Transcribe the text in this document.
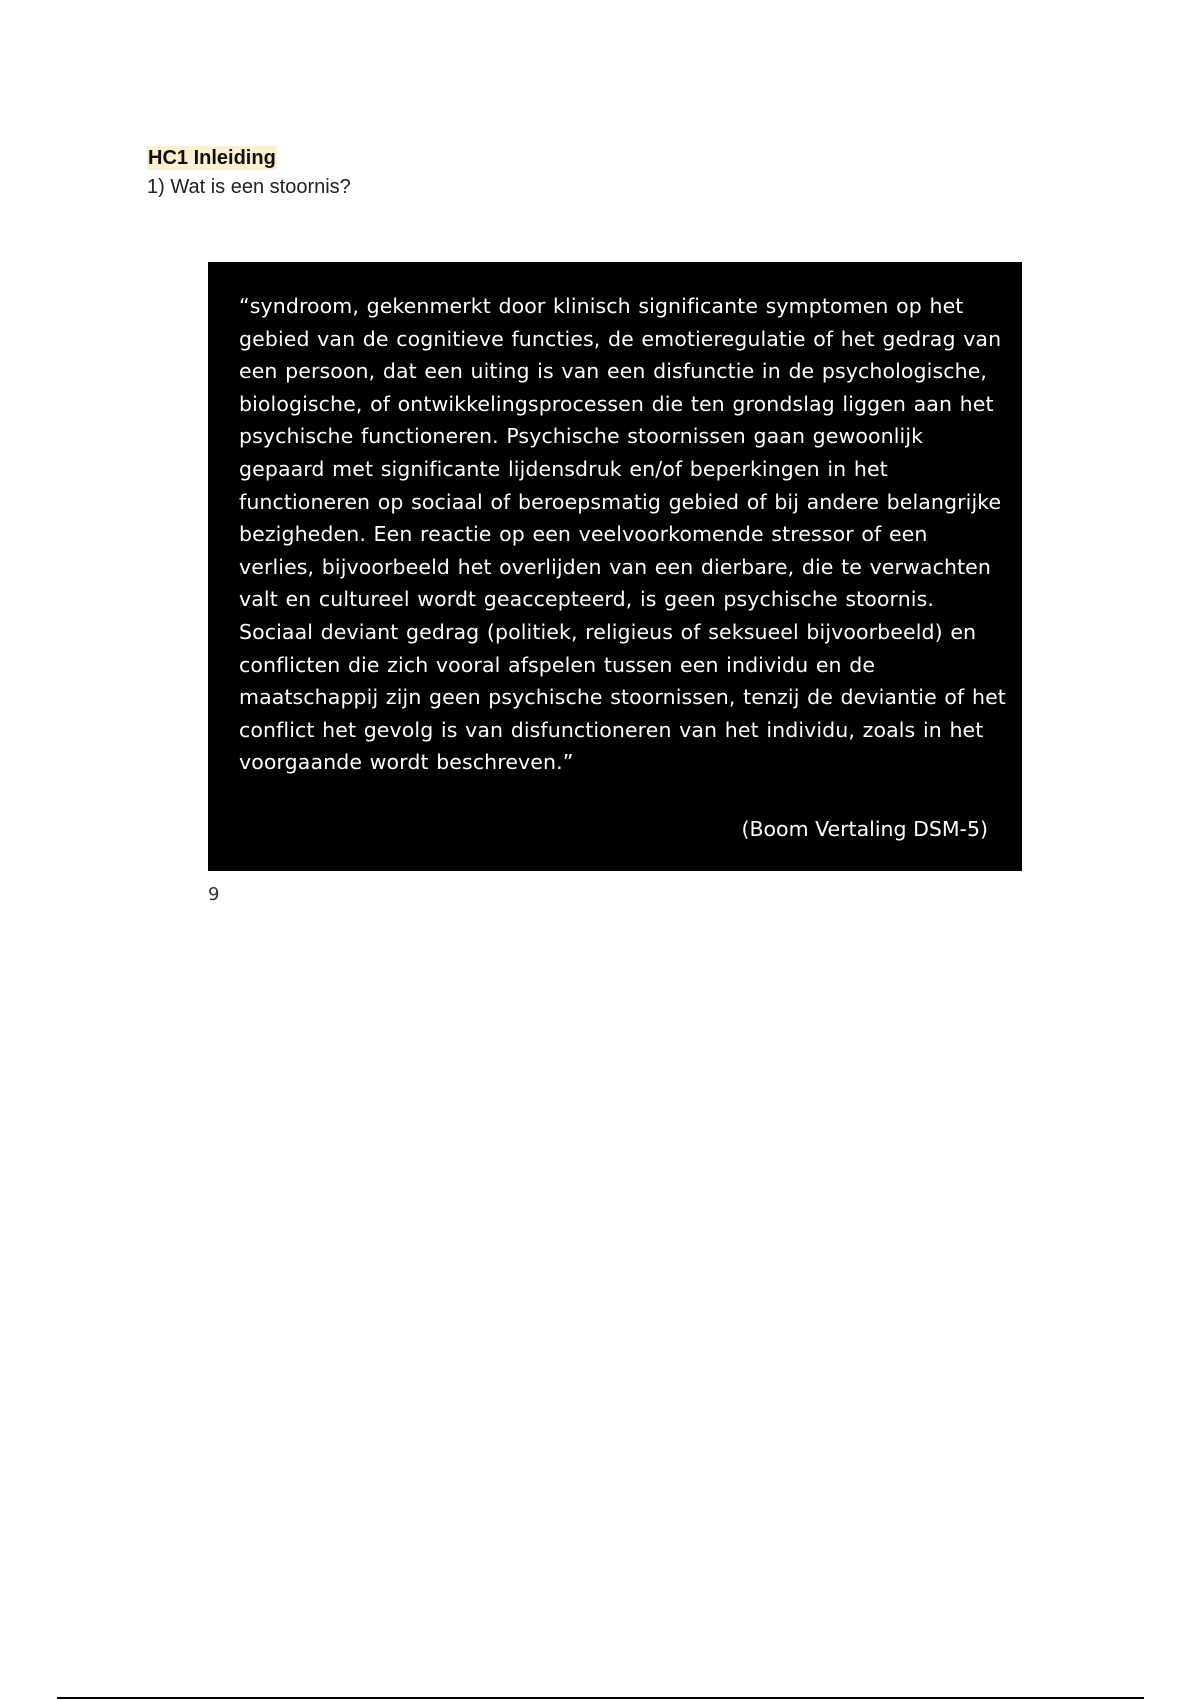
HC1 Inleiding
1) Wat is een stoornis?
“syndroom, gekenmerkt door klinisch significante symptomen op het gebied van de cognitieve functies, de emotieregulatie of het gedrag van een persoon, dat een uiting is van een disfunctie in de psychologische, biologische, of ontwikkelingsprocessen die ten grondslag liggen aan het psychische functioneren. Psychische stoornissen gaan gewoonlijk gepaard met significante lijdensdruk en/of beperkingen in het functioneren op sociaal of beroepsmatig gebied of bij andere belangrijke bezigheden. Een reactie op een veelvoorkomende stressor of een verlies, bijvoorbeeld het overlijden van een dierbare, die te verwachten valt en cultureel wordt geaccepteerd, is geen psychische stoornis. Sociaal deviant gedrag (politiek, religieus of seksueel bijvoorbeeld) en conflicten die zich vooral afspelen tussen een individu en de maatschappij zijn geen psychische stoornissen, tenzij de deviantie of het conflict het gevolg is van disfunctioneren van het individu, zoals in het voorgaande wordt beschreven.”
(Boom Vertaling DSM-5)
9
